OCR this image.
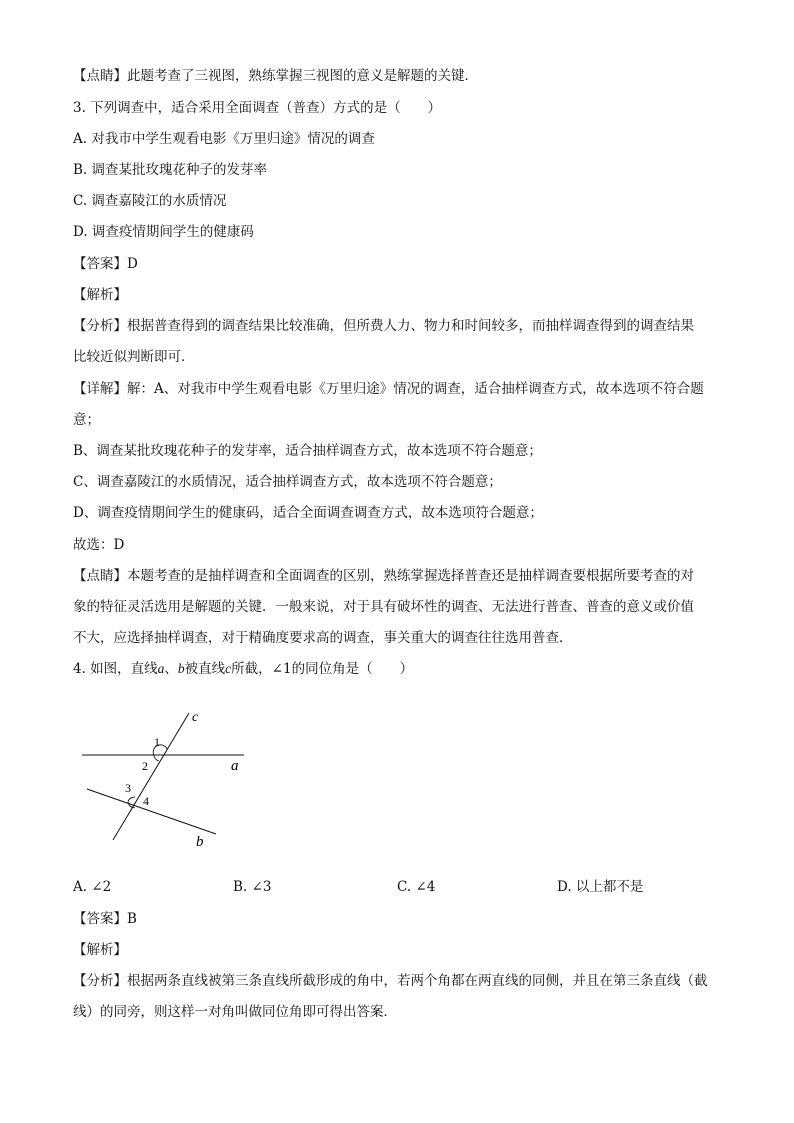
【点睛】此题考查了三视图，熟练掌握三视图的意义是解题的关键．
3. 下列调查中，适合采用全面调查（普查）方式的是（　　）
A. 对我市中学生观看电影《万里归途》情况的调查
B. 调查某批玫瑰花种子的发芽率
C. 调查嘉陵江的水质情况
D. 调查疫情期间学生的健康码
【答案】D
【解析】
【分析】根据普查得到的调查结果比较准确，但所费人力、物力和时间较多，而抽样调查得到的调查结果
比较近似判断即可．
【详解】解：A、对我市中学生观看电影《万里归途》情况的调查，适合抽样调查方式，故本选项不符合题
意；
B、调查某批玫瑰花种子的发芽率，适合抽样调查方式，故本选项不符合题意；
C、调查嘉陵江的水质情况，适合抽样调查方式，故本选项不符合题意；
D、调查疫情期间学生的健康码，适合全面调查调查方式，故本选项符合题意；
故选：D
【点睛】本题考查的是抽样调查和全面调查的区别，熟练掌握选择普查还是抽样调查要根据所要考查的对
象的特征灵活选用是解题的关键．一般来说，对于具有破坏性的调查、无法进行普查、普查的意义或价值
不大，应选择抽样调查，对于精确度要求高的调查，事关重大的调查往往选用普查．
4. 如图，直线a、b被直线c所截，∠1的同位角是（　　）
c
a
b
1
2
3
4
A. ∠2	B. ∠3	C. ∠4	D. 以上都不是
【答案】B
【解析】
【分析】根据两条直线被第三条直线所截形成的角中，若两个角都在两直线的同侧，并且在第三条直线（截
线）的同旁，则这样一对角叫做同位角即可得出答案．
